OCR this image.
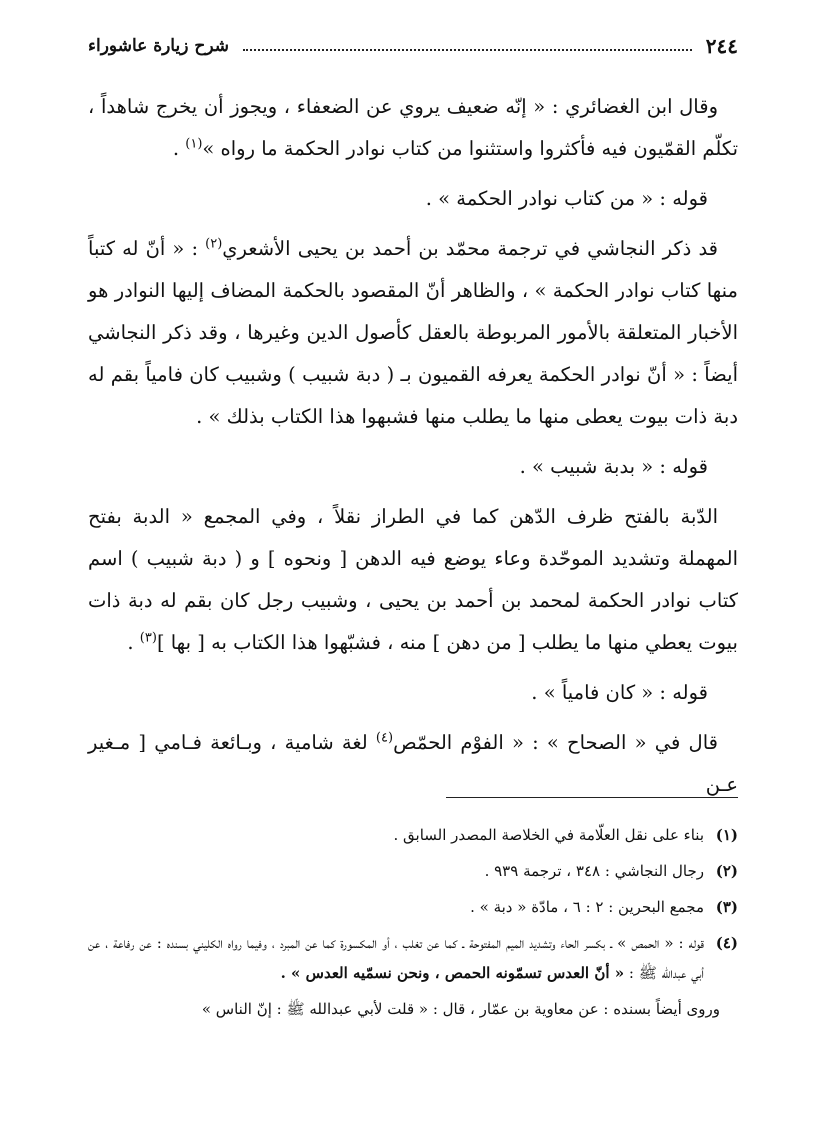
٢٤٤
شرح زيارة عاشوراء

وقال ابن الغضائري : « إنّه ضعيف يروي عن الضعفاء ، ويجوز أن يخرج شاهداً ، تكلّم القمّيون فيه فأكثروا واستثنوا من كتاب نوادر الحكمة ما رواه »$^{(١)}$ .

قوله : « من كتاب نوادر الحكمة » .

قد ذكر النجاشي في ترجمة محمّد بن أحمد بن يحيى الأشعري$^{(٢)}$ : « أنّ له كتباً منها كتاب نوادر الحكمة » ، والظاهر أنّ المقصود بالحكمة المضاف إليها النوادر هو الأخبار المتعلقة بالأمور المربوطة بالعقل كأصول الدين وغيرها ، وقد ذكر النجاشي أيضاً : « أنّ نوادر الحكمة يعرفه القميون بـ ( دبة شبيب ) وشبيب كان فامياً بقم له دبة ذات بيوت يعطى منها ما يطلب منها فشبهوا هذا الكتاب بذلك » .

قوله : « بدبة شبيب » .

الدّبة بالفتح ظرف الدّهن كما في الطراز نقلاً ، وفي المجمع « الدبة بفتح المهملة وتشديد الموحّدة وعاء يوضع فيه الدهن [ ونحوه ] و ( دبة شبيب ) اسم كتاب نوادر الحكمة لمحمد بن أحمد بن يحيى ، وشبيب رجل كان بقم له دبة ذات بيوت يعطي منها ما يطلب [ من دهن ] منه ، فشبّهوا هذا الكتاب به [ بها ]$^{(٣)}$ .

قوله : « كان فامياً » .

قال في « الصحاح » : « الفوْم الحمّص$^{(٤)}$ لغة شامية ، وبـائعة فـامي [ مـغير عـن

(١)
بناء على نقل العلّامة في الخلاصة المصدر السابق .
(٢)
رجال النجاشي : ٣٤٨ ، ترجمة ٩٣٩ .
(٣)
مجمع البحرين : ٢ : ٦ ، مادّة « دبة » .
(٤)
قوله : « الحمص » ـ بكسر الحاء وتشديد الميم المفتوحة ـ كما عن تغلب ، أو المكسورة كما عن المبرد ، وفيما رواه الكليني بسنده : عن رفاعة ، عن أبي عبدالله ﷺ : « أنّ العدس تسمّونه الحمص ، ونحن نسمّيه العدس » .
وروى أيضاً بسنده : عن معاوية بن عمّار ، قال : « قلت لأبي عبدالله ﷺ : إنّ الناس »
